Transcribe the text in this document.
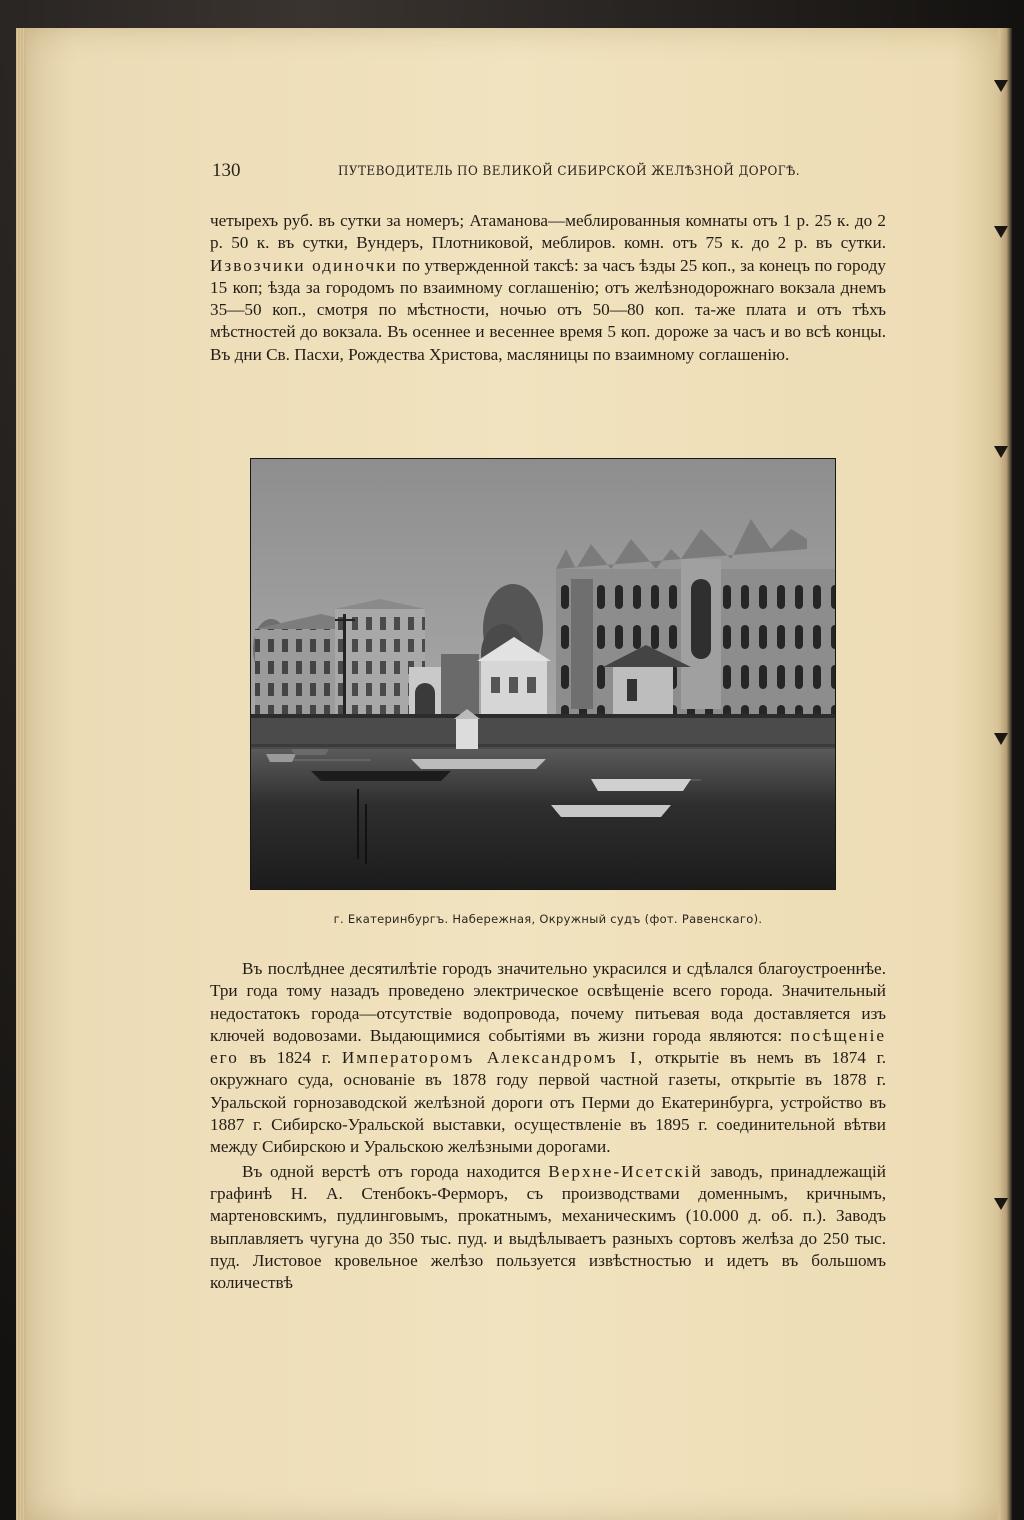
130	ПУТЕВОДИТЕЛЬ ПО ВЕЛИКОЙ СИБИРСКОЙ ЖЕЛѢЗНОЙ ДОРОГѢ.

четырехъ руб. въ сутки за номеръ; Атаманова—меблированныя комнаты отъ 1 р. 25 к. до 2 р. 50 к. въ сутки, Вундеръ, Плотниковой, меблиров. комн. отъ 75 к. до 2 р. въ сутки. Извозчики одиночки по утвержденной таксѣ: за часъ ѣзды 25 коп., за конецъ по городу 15 коп; ѣзда за городомъ по взаимному соглашенію; отъ желѣзнодорожнаго вокзала днемъ 35—50 коп., смотря по мѣстности, ночью отъ 50—80 коп. та-же плата и отъ тѣхъ мѣстностей до вокзала. Въ осеннее и весеннее время 5 коп. дороже за часъ и во всѣ концы. Въ дни Св. Пасхи, Рождества Христова, масляницы по взаимному соглашенію.

г. Екатеринбургъ. Набережная, Окружный судъ (фот. Равенскаго).

Въ послѣднее десятилѣтіе городъ значительно украсился и сдѣлался благоустроеннѣе. Три года тому назадъ проведено электрическое освѣщеніе всего города. Значительный недостатокъ города—отсутствіе водопровода, почему питьевая вода доставляется изъ ключей водовозами. Выдающимися событіями въ жизни города являются: посѣщеніе его въ 1824 г. Императоромъ Александромъ I, открытіе въ немъ въ 1874 г. окружнаго суда, основаніе въ 1878 году первой частной газеты, открытіе въ 1878 г. Уральской горнозаводской желѣзной дороги отъ Перми до Екатеринбурга, устройство въ 1887 г. Сибирско-Уральской выставки, осуществленіе въ 1895 г. соединительной вѣтви между Сибирскою и Уральскою желѣзными дорогами.

Въ одной верстѣ отъ города находится Верхне-Исетскій заводъ, принадлежащій графинѣ Н. А. Стенбокъ-Ферморъ, съ производствами доменнымъ, кричнымъ, мартеновскимъ, пудлинговымъ, прокатнымъ, механическимъ (10.000 д. об. п.). Заводъ выплавляетъ чугуна до 350 тыс. пуд. и выдѣлываетъ разныхъ сортовъ желѣза до 250 тыс. пуд. Листовое кровельное желѣзо пользуется извѣстностью и идетъ въ большомъ количествѣ
